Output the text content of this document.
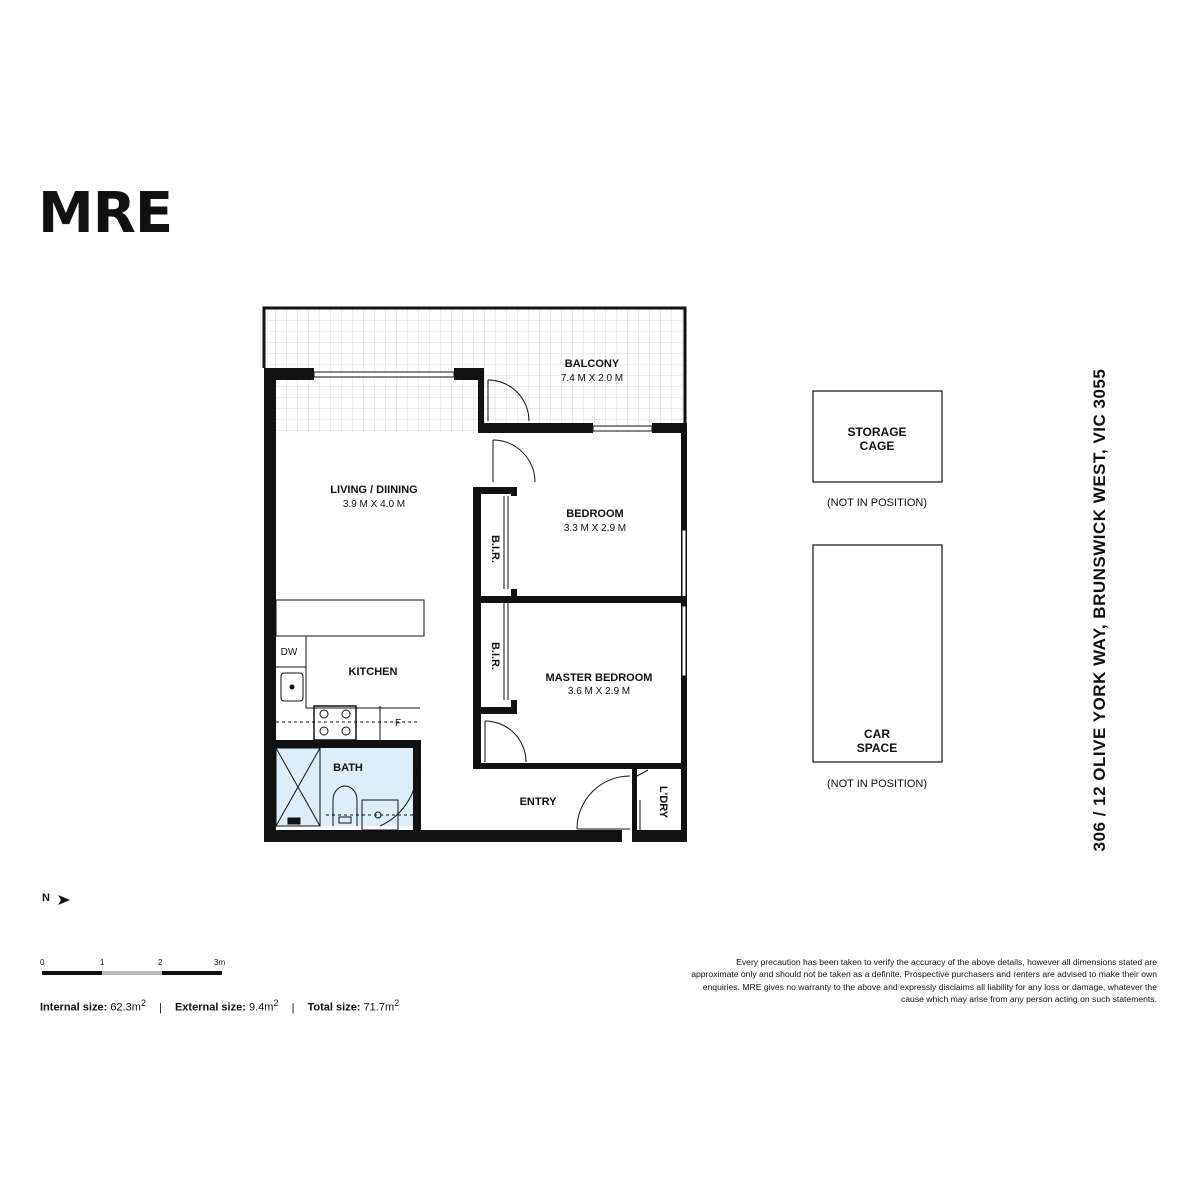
MRE
BALCONY
7.4 M X 2.0 M
LIVING / DIINING
3.9 M X 4.0 M
BEDROOM
3.3 M X 2.9 M
MASTER BEDROOM
3.6 M X 2.9 M
KITCHEN
BATH
ENTRY
DW
F
B.I.R.
B.I.R.
L'DRY
STORAGE
CAGE
(NOT IN POSITION)
CAR
SPACE
(NOT IN POSITION)	306 / 12 OLIVE YORK WAY, BRUNSWICK WEST, VIC 3055
N
0	1	2	3m
Internal size: $62.3m^2$ | External size: $9.4m^2$ | Total size: $71.7m^2$
Every precaution has been taken to verify the accuracy of the above details, however all dimensions stated are approximate only and should not be taken as a definite. Prospective purchasers and renters are advised to make their own enquiries. MRE gives no warranty to the above and expressly disclaims all liability for any loss or damage, whatever the cause which may arise from any person acting on such statements.
